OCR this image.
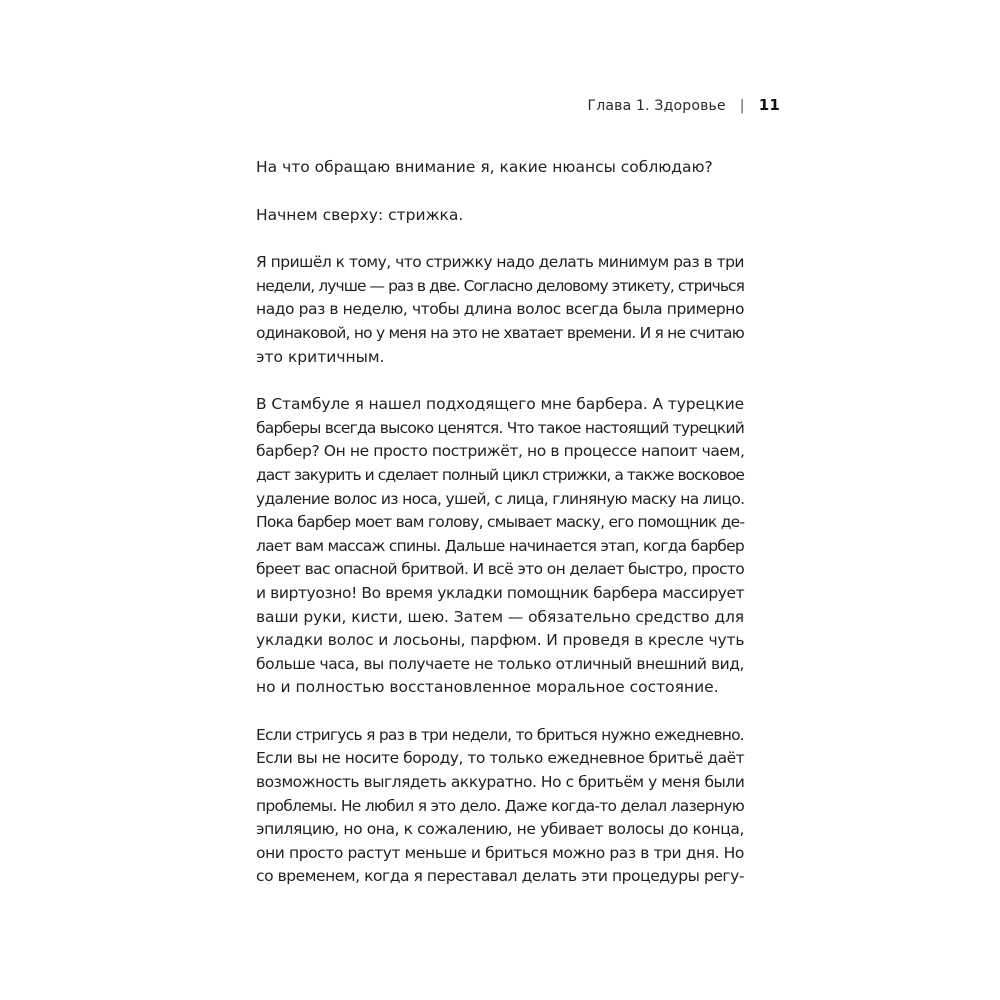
Глава 1. Здоровье | 11

На что обращаю внимание я, какие нюансы соблюдаю?

Начнем сверху: стрижка.

Я пришёл к тому, что стрижку надо делать минимум раз в три
недели, лучше — раз в две. Согласно деловому этикету, стричься
надо раз в неделю, чтобы длина волос всегда была примерно
одинаковой, но у меня на это не хватает времени. И я не считаю
это критичным.

В Стамбуле я нашел подходящего мне барбера. А турецкие
барберы всегда высоко ценятся. Что такое настоящий турецкий
барбер? Он не просто пострижёт, но в процессе напоит чаем,
даст закурить и сделает полный цикл стрижки, а также восковое
удаление волос из носа, ушей, с лица, глиняную маску на лицо.
Пока барбер моет вам голову, смывает маску, его помощник де-
лает вам массаж спины. Дальше начинается этап, когда барбер
бреет вас опасной бритвой. И всё это он делает быстро, просто
и виртуозно! Во время укладки помощник барбера массирует
ваши руки, кисти, шею. Затем — обязательно средство для
укладки волос и лосьоны, парфюм. И проведя в кресле чуть
больше часа, вы получаете не только отличный внешний вид,
но и полностью восстановленное моральное состояние.

Если стригусь я раз в три недели, то бриться нужно ежедневно.
Если вы не носите бороду, то только ежедневное бритьё даёт
возможность выглядеть аккуратно. Но с бритьём у меня были
проблемы. Не любил я это дело. Даже когда-то делал лазерную
эпиляцию, но она, к сожалению, не убивает волосы до конца,
они просто растут меньше и бриться можно раз в три дня. Но
со временем, когда я переставал делать эти процедуры регу-
